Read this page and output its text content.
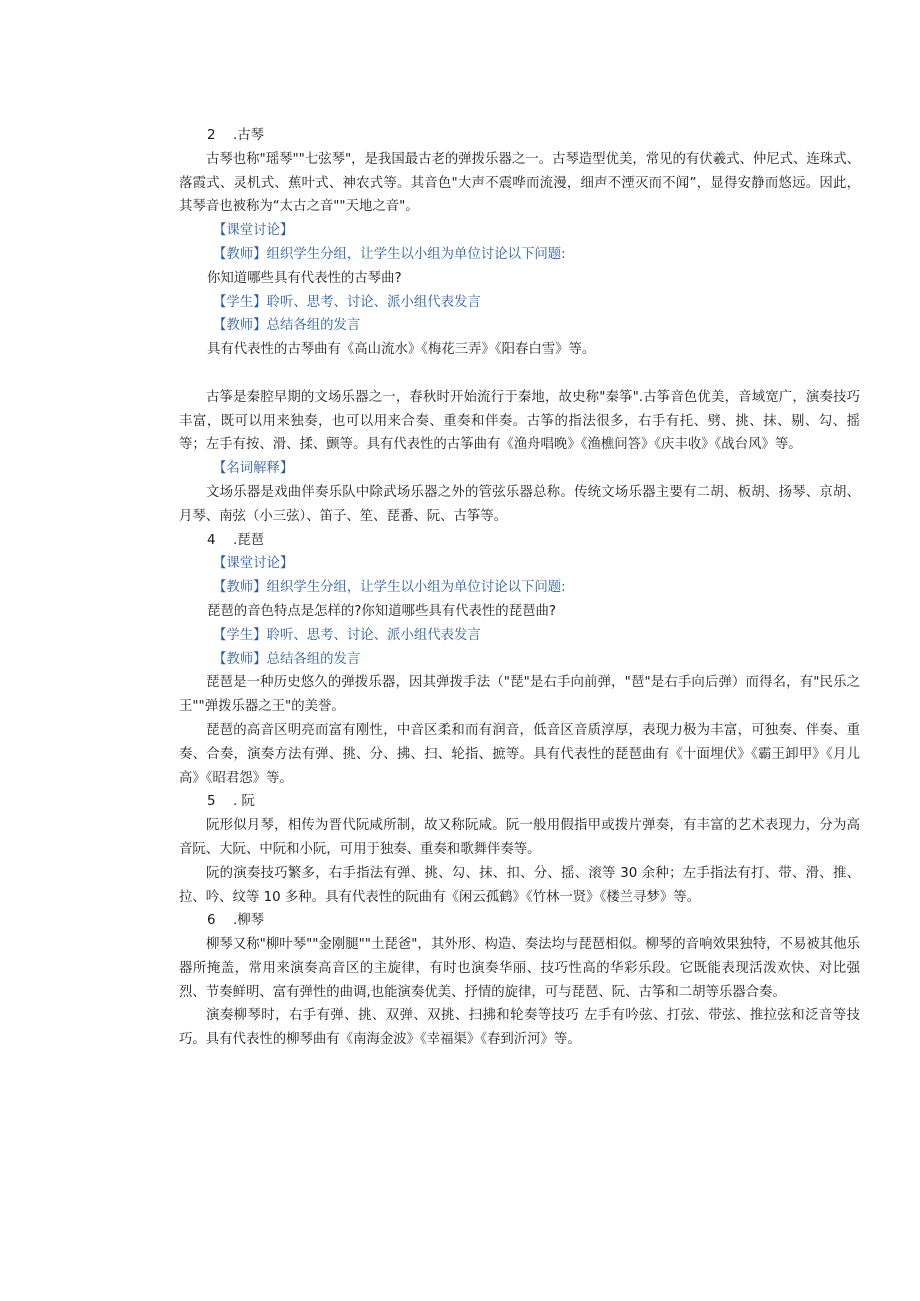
2 .古琴

古琴也称"瑶琴""七弦琴"，是我国最古老的弹拨乐器之一。古琴造型优美，常见的有伏羲式、仲尼式、连珠式、落霞式、灵机式、蕉叶式、神农式等。其音色"大声不震哗而流漫，细声不湮灭而不闻”，显得安静而悠远。因此，其琴音也被称为“太古之音""天地之音"。

【课堂讨论】

【教师】组织学生分组，让学生以小组为单位讨论以下问题:

你知道哪些具有代表性的古琴曲?

【学生】聆听、思考、讨论、派小组代表发言

【教师】总结各组的发言

具有代表性的古琴曲有《高山流水》《梅花三弄》《阳春白雪》等。

古筝是秦腔早期的文场乐器之一，春秋时开始流行于秦地，故史称"秦筝".古筝音色优美，音域宽广，演奏技巧丰富，既可以用来独奏，也可以用来合奏、重奏和伴奏。古筝的指法很多，右手有托、劈、挑、抹、剔、勾、摇等；左手有按、滑、揉、颤等。具有代表性的古筝曲有《渔舟唱晚》《渔樵问答》《庆丰收》《战台风》等。

【名词解释】

文场乐器是戏曲伴奏乐队中除武场乐器之外的管弦乐器总称。传统文场乐器主要有二胡、板胡、扬琴、京胡、月琴、南弦（小三弦）、笛子、笙、琵番、阮、古筝等。

4 .琵琶

【课堂讨论】

【教师】组织学生分组，让学生以小组为单位讨论以下问题:

琵琶的音色特点是怎样的?你知道哪些具有代表性的琵琶曲?

【学生】聆听、思考、讨论、派小组代表发言

【教师】总结各组的发言

琵琶是一种历史悠久的弹拨乐器，因其弹拨手法（"琵"是右手向前弹，"琶"是右手向后弹）而得名，有"民乐之王""弹拨乐器之王"的美誉。

琵琶的高音区明亮而富有刚性，中音区柔和而有润音，低音区音质淳厚，表现力极为丰富，可独奏、伴奏、重奏、合奏，演奏方法有弹、挑、分、拂、扫、轮指、摭等。具有代表性的琵琶曲有《十面埋伏》《霸王卸甲》《月儿高》《昭君怨》等。

5 . 阮

阮形似月琴，相传为晋代阮咸所制，故又称阮咸。阮一般用假指甲或拨片弹奏，有丰富的艺术表现力，分为高音阮、大阮、中阮和小阮，可用于独奏、重奏和歌舞伴奏等。

阮的演奏技巧繁多，右手指法有弹、挑、勾、抹、扣、分、摇、滚等 30 余种；左手指法有打、带、滑、推、拉、吟、纹等 10 多种。具有代表性的阮曲有《闲云孤鹤》《竹林一贤》《楼兰寻梦》等。

6 .柳琴

柳琴又称"柳叶琴""金刚腿""土琵爸"，其外形、构造、奏法均与琵琶相似。柳琴的音响效果独特，不易被其他乐器所掩盖，常用来演奏高音区的主旋律，有时也演奏华丽、技巧性高的华彩乐段。它既能表现活泼欢快、对比强烈、节奏鲜明、富有弹性的曲调,也能演奏优美、抒情的旋律，可与琵琶、阮、古筝和二胡等乐器合奏。

演奏柳琴时，右手有弹、挑、双弹、双挑、扫拂和轮奏等技巧 左手有吟弦、打弦、带弦、推拉弦和泛音等技巧。具有代表性的柳琴曲有《南海金波》《幸福渠》《春到沂河》等。
